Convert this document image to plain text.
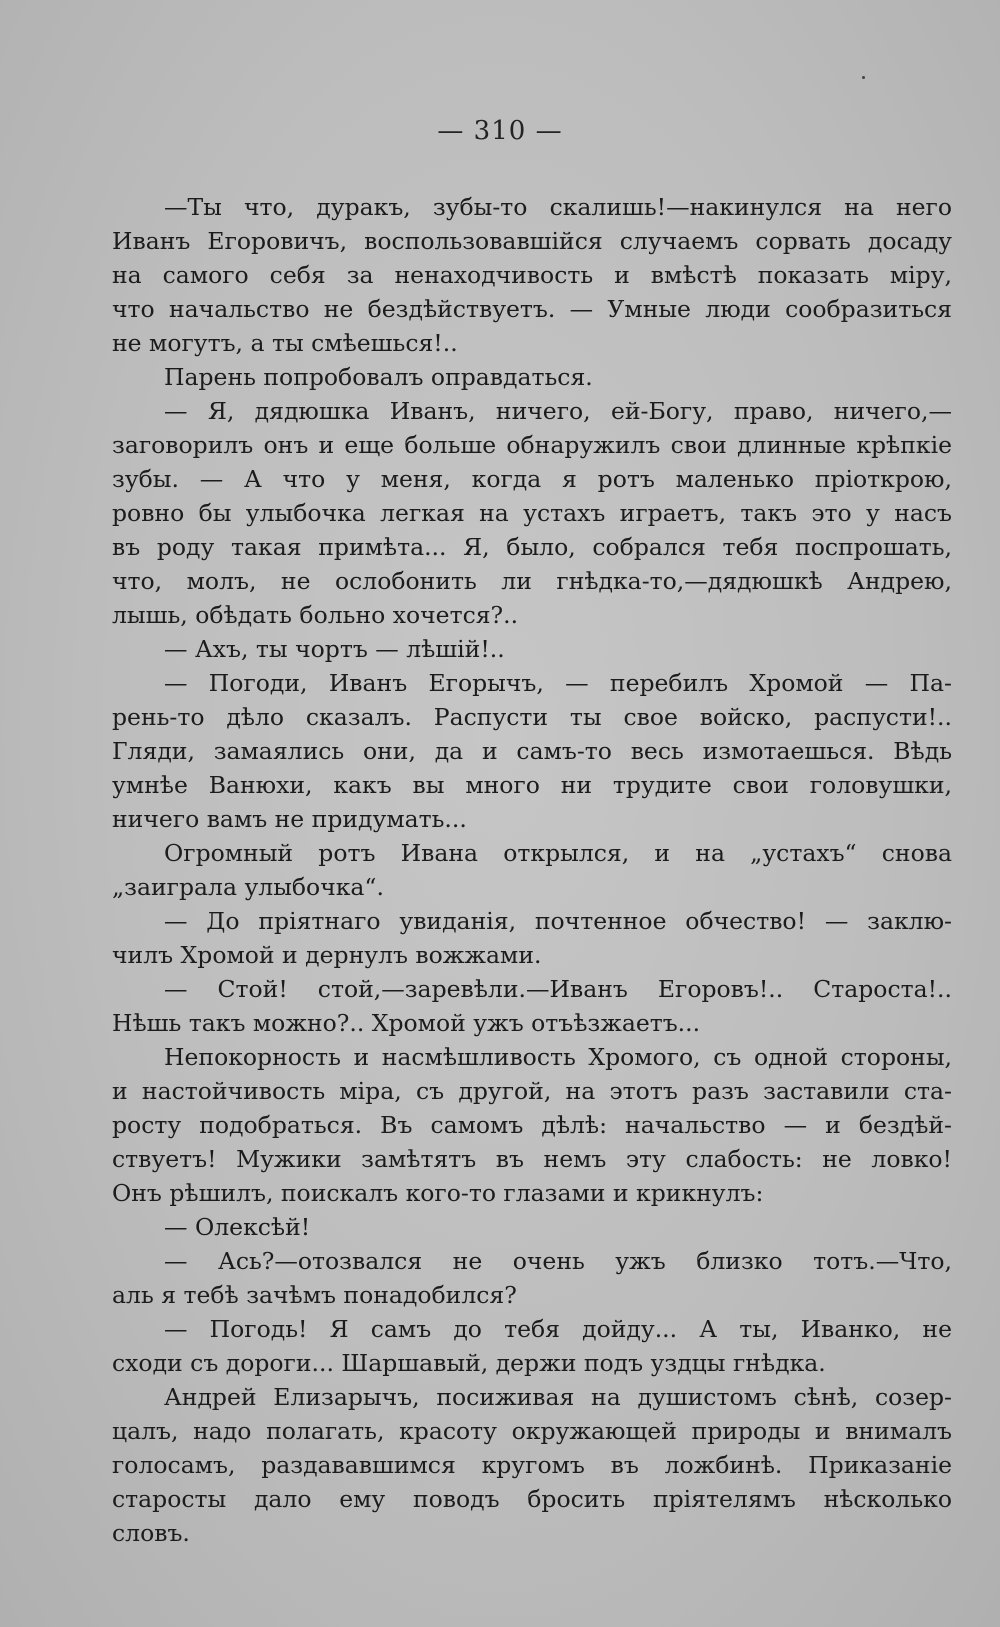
— 310 —
—Ты что, дуракъ, зубы-то скалишь!—накинулся на него
Иванъ Егоровичъ, воспользовавшійся случаемъ сорвать досаду
на самого себя за ненаходчивость и вмѣстѣ показать міру,
что начальство не бездѣйствуетъ. — Умные люди сообразиться
не могутъ, а ты смѣешься!..
Парень попробовалъ оправдаться.
— Я, дядюшка Иванъ, ничего, ей-Богу, право, ничего,—
заговорилъ онъ и еще больше обнаружилъ свои длинные крѣпкіе
зубы. — А что у меня, когда я ротъ маленько пріоткрою,
ровно бы улыбочка легкая на устахъ играетъ, такъ это у насъ
въ роду такая примѣта... Я, было, собрался тебя поспрошать,
что, молъ, не ослобонить ли гнѣдка-то,—дядюшкѣ Андрею,
лышь, обѣдать больно хочется?..
— Ахъ, ты чортъ — лѣшій!..
— Погоди, Иванъ Егорычъ, — перебилъ Хромой — Па-
рень-то дѣло сказалъ. Распусти ты свое войско, распусти!..
Гляди, замаялись они, да и самъ-то весь измотаешься. Вѣдь
умнѣе Ванюхи, какъ вы много ни трудите свои головушки,
ничего вамъ не придумать...
Огромный ротъ Ивана открылся, и на „устахъ“ снова
„заиграла улыбочка“.
— До пріятнаго увиданія, почтенное обчество! — заклю-
чилъ Хромой и дернулъ вожжами.
— Стой! стой,—заревѣли.—Иванъ Егоровъ!.. Староста!..
Нѣшь такъ можно?.. Хромой ужъ отъѣзжаетъ...
Непокорность и насмѣшливость Хромого, съ одной стороны,
и настойчивость міра, съ другой, на этотъ разъ заставили ста-
росту подобраться. Въ самомъ дѣлѣ: начальство — и бездѣй-
ствуетъ! Мужики замѣтятъ въ немъ эту слабость: не ловко!
Онъ рѣшилъ, поискалъ кого-то глазами и крикнулъ:
— Олексѣй!
— Ась?—отозвался не очень ужъ близко тотъ.—Что,
аль я тебѣ зачѣмъ понадобился?
— Погодь! Я самъ до тебя дойду... А ты, Иванко, не
сходи съ дороги... Шаршавый, держи подъ уздцы гнѣдка.
Андрей Елизарычъ, посиживая на душистомъ сѣнѣ, созер-
цалъ, надо полагать, красоту окружающей природы и внималъ
голосамъ, раздававшимся кругомъ въ ложбинѣ. Приказаніе
старосты дало ему поводъ бросить пріятелямъ нѣсколько
словъ.
